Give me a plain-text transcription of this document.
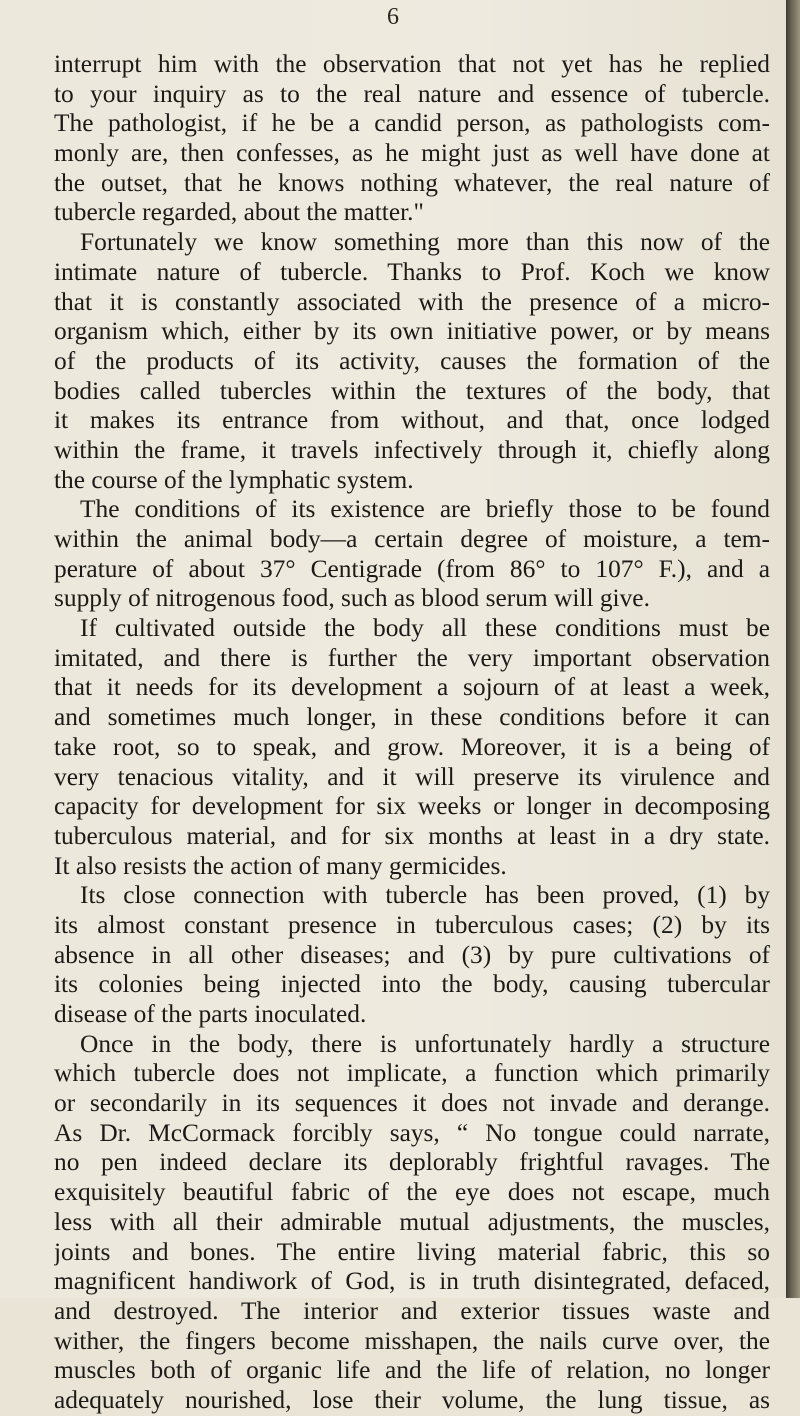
6
interrupt him with the observation that not yet has he replied
to your inquiry as to the real nature and essence of tubercle.
The pathologist, if he be a candid person, as pathologists com-
monly are, then confesses, as he might just as well have done at
the outset, that he knows nothing whatever, the real nature of
tubercle regarded, about the matter."
Fortunately we know something more than this now of the
intimate nature of tubercle. Thanks to Prof. Koch we know
that it is constantly associated with the presence of a micro-
organism which, either by its own initiative power, or by means
of the products of its activity, causes the formation of the
bodies called tubercles within the textures of the body, that
it makes its entrance from without, and that, once lodged
within the frame, it travels infectively through it, chiefly along
the course of the lymphatic system.
The conditions of its existence are briefly those to be found
within the animal body—a certain degree of moisture, a tem-
perature of about 37° Centigrade (from 86° to 107° F.), and a
supply of nitrogenous food, such as blood serum will give.
If cultivated outside the body all these conditions must be
imitated, and there is further the very important observation
that it needs for its development a sojourn of at least a week,
and sometimes much longer, in these conditions before it can
take root, so to speak, and grow. Moreover, it is a being of
very tenacious vitality, and it will preserve its virulence and
capacity for development for six weeks or longer in decomposing
tuberculous material, and for six months at least in a dry state.
It also resists the action of many germicides.
Its close connection with tubercle has been proved, (1) by
its almost constant presence in tuberculous cases; (2) by its
absence in all other diseases; and (3) by pure cultivations of
its colonies being injected into the body, causing tubercular
disease of the parts inoculated.
Once in the body, there is unfortunately hardly a structure
which tubercle does not implicate, a function which primarily
or secondarily in its sequences it does not invade and derange.
As Dr. McCormack forcibly says, “ No tongue could narrate,
no pen indeed declare its deplorably frightful ravages. The
exquisitely beautiful fabric of the eye does not escape, much
less with all their admirable mutual adjustments, the muscles,
joints and bones. The entire living material fabric, this so
magnificent handiwork of God, is in truth disintegrated, defaced,
and destroyed. The interior and exterior tissues waste and
wither, the fingers become misshapen, the nails curve over, the
muscles both of organic life and the life of relation, no longer
adequately nourished, lose their volume, the lung tissue, as
